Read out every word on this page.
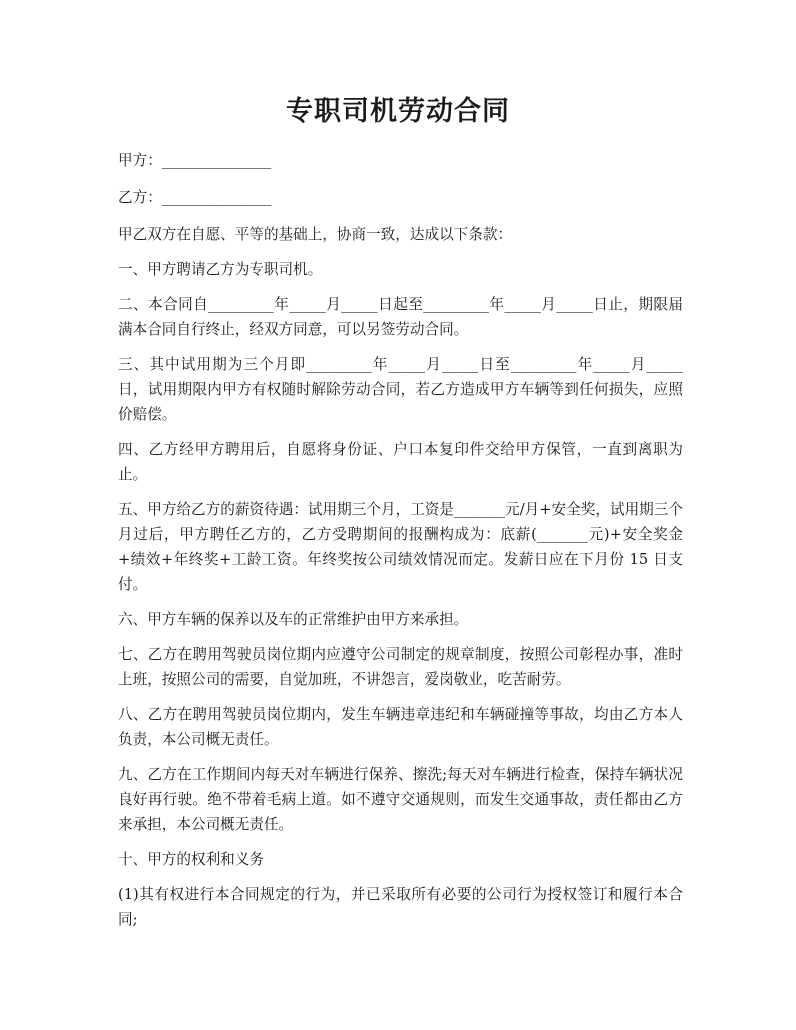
专职司机劳动合同

甲方：_______________

乙方：_______________

甲乙双方在自愿、平等的基础上，协商一致，达成以下条款：

一、甲方聘请乙方为专职司机。

二、本合同自_________年_____月_____日起至_________年_____月_____日止，期限届满本合同自行终止，经双方同意，可以另签劳动合同。

三、其中试用期为三个月即_________年_____月_____日至_________年_____月_____日，试用期限内甲方有权随时解除劳动合同，若乙方造成甲方车辆等到任何损失，应照价赔偿。

四、乙方经甲方聘用后，自愿将身份证、户口本复印件交给甲方保管，一直到离职为止。

五、甲方给乙方的薪资待遇：试用期三个月，工资是_______元/月+安全奖，试用期三个月过后，甲方聘任乙方的，乙方受聘期间的报酬构成为：底薪(_______元)+安全奖金+绩效+年终奖+工龄工资。年终奖按公司绩效情况而定。发薪日应在下月份 15 日支付。

六、甲方车辆的保养以及车的正常维护由甲方来承担。

七、乙方在聘用驾驶员岗位期内应遵守公司制定的规章制度，按照公司彰程办事，准时上班，按照公司的需要，自觉加班，不讲怨言，爱岗敬业，吃苦耐劳。

八、乙方在聘用驾驶员岗位期内，发生车辆违章违纪和车辆碰撞等事故，均由乙方本人负责，本公司概无责任。

九、乙方在工作期间内每天对车辆进行保养、擦洗;每天对车辆进行检查，保持车辆状况良好再行驶。绝不带着毛病上道。如不遵守交通规则，而发生交通事故，责任都由乙方来承担，本公司概无责任。

十、甲方的权利和义务

(1)其有权进行本合同规定的行为，并已采取所有必要的公司行为授权签订和履行本合同;
